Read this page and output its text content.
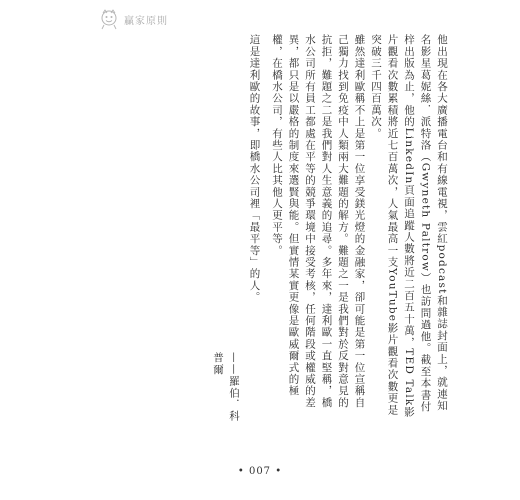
贏家原則

他出現在各大廣播電台和有線電視，雲紅podcast和雜誌封面上，就連知名影星葛妮絲．派特洛（Gwyneth Paltrow）也訪問過他。截至本書付梓出版為止，他的LinkedIn頁面追蹤人數將近二百五十萬，TED Talk影片觀看次數累積將近七百萬次，人氣最高一支YouTube影片觀看次數更是突破三千四百萬次。

雖然達利歐稱不上是第一位享受鎂光燈的金融家，卻可能是第一位宣稱自己獨力找到免疫中人類兩大難題的解方。難題之一是我們對於反對意見的抗拒，難題之二是我們對人生意義的追尋。多年來，達利歐一直堅稱，橋水公司所有員工都處在平等的競爭環境中接受考核，任何階段或權威的差異，都只是以嚴格的制度來選賢與能。但實情某實更像是歐威爾式的極權，在橋水公司，有些人比其他人更平等。

這是達利歐的故事，即橋水公司裡「最平等」的人。

——羅伯．科普爾
• 007 •
